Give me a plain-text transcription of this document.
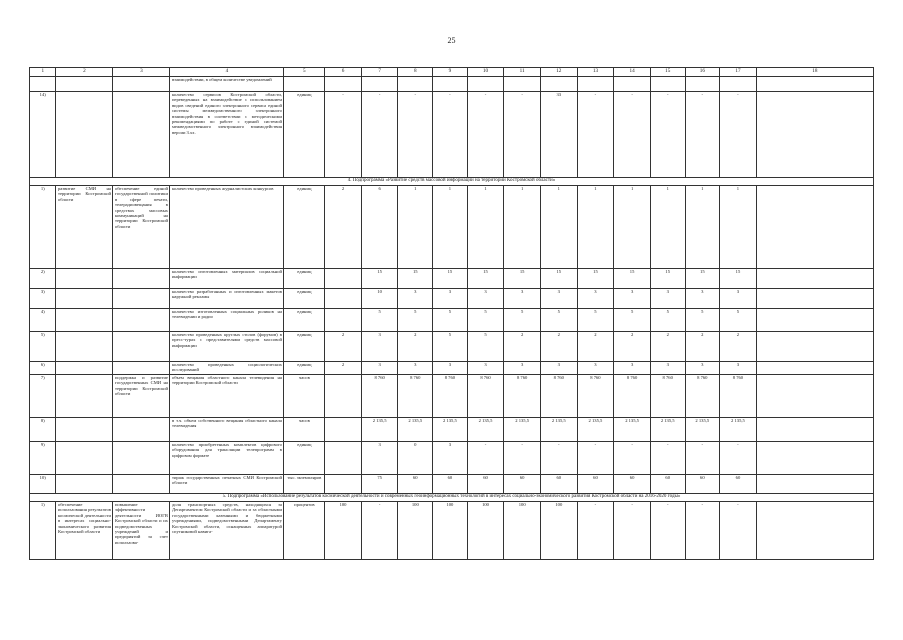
25
1	2	3	4	5	6	7	8	9	10	11	12	13	14	15	16	17	18
			взаимодействии, в общем количестве уведомлений														
14)			количество сервисов Костромской области, переведенных на взаимодействие с использованием видов сведений единого электронного сервиса единой системы межведомственного электронного взаимодействия в соответствии с методическими рекомендациями по работе с единой системой межведомственного электронного взаимодействия версии 3.хх.	единиц	-	-	-	-	-	-	33	-	-	-	-	-	
4. Подпрограмма «Развитие средств массовой информации на территории Костромской области»																	
1)	развитие СМИ на территории Костромской области	обеспечение единой государственной политики в сфере печати, телерадиовещания в средствах массовых коммуникаций на территории Костромской области	количество проведенных журналистских конкурсов	единиц	2	6	1	1	1	1	1	1	1	1	1	1	
2)			количество изготовленных материалов социальной информации	единиц		15	15	15	15	15	15	15	15	15	15	15	
3)			количество разработанных и изготовленных макетов наружной рекламы	единиц		10	3	3	3	3	3	3	3	3	3	3	
4)			количество изготовленных социальных роликов на телевидении и радио	единиц		5	5	5	5	5	5	5	5	5	5	5	
5)			количество проведенных круглых столов (форумов) в пресс-турах с представителями средств массовой информации	единиц	2	3	2	5	5	2	2	2	2	2	2	2	
6)			количество проведенных социологических исследований	единиц	2	3	3	3	3	3	3	3	3	3	3	3	
7)		поддержка и развитие государственных СМИ на территории Костромской области	объем вещания областного канала телевидения на территории Костромской области	часов		8 760	8 760	8 760	8 760	8 760	8 760	8 760	8 760	8 760	8 760	8 760	
8)			в т.ч. объем собственного вещания областного канала телевидения	часов		2 135,5	2 135,5	2 135,5	2 135,5	2 135,5	2 135,5	2 135,5	2 135,5	2 135,5	2 135,5	2 135,5	
9)			количество приобретенных комплектов цифрового оборудования для трансляции телепрограмм в цифровом формате	единиц		3	0	3	-	-	-	-	-	-	-	-	
10)			тираж государственных печатных СМИ Костромской области	тыс. экземпляров		75	60	60	60	60	60	60	60	60	60	60	
5. Подпрограмма «Использование результатов космической деятельности и современных геоинформационных технологий в интересах социально-экономического развития Костромской области на 2016-2020 годы»																	
1)	обеспечение использования результатов космической деятельности в интересах социально-экономического развития Костромской области	повышение эффективности деятельности ИОГВ Костромской области и их подведомственных учреждений и предприятий за счет использова-	доля транспортных средств, находящихся за Департаментом Костромской области и за областными государственными казенными и бюджетными учреждениями, подведомственными Департаменту Костромской области, оснащенных аппаратурой спутниковой навига-	процентов	100	-	100	100	100	100	100	-	-	-	-	-	
